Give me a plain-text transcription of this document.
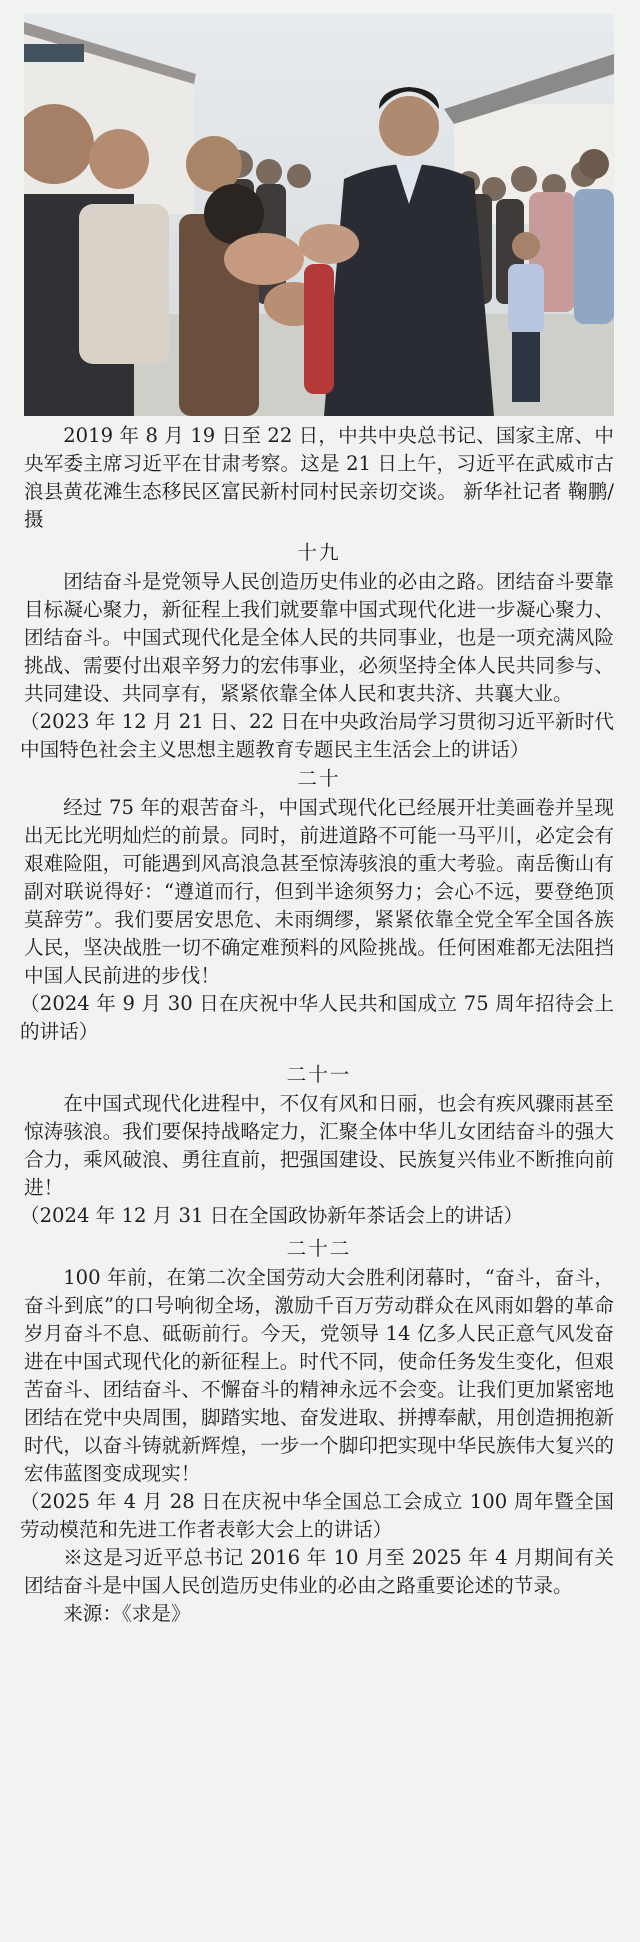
2019 年 8 月 19 日至 22 日，中共中央总书记、国家主席、中央军委主席习近平在甘肃考察。这是 21 日上午，习近平在武威市古浪县黄花滩生态移民区富民新村同村民亲切交谈。 新华社记者 鞠鹏/摄

十九

团结奋斗是党领导人民创造历史伟业的必由之路。团结奋斗要靠目标凝心聚力，新征程上我们就要靠中国式现代化进一步凝心聚力、团结奋斗。中国式现代化是全体人民的共同事业，也是一项充满风险挑战、需要付出艰辛努力的宏伟事业，必须坚持全体人民共同参与、共同建设、共同享有，紧紧依靠全体人民和衷共济、共襄大业。

（2023 年 12 月 21 日、22 日在中央政治局学习贯彻习近平新时代中国特色社会主义思想主题教育专题民主生活会上的讲话）

二十

经过 75 年的艰苦奋斗，中国式现代化已经展开壮美画卷并呈现出无比光明灿烂的前景。同时，前进道路不可能一马平川，必定会有艰难险阻，可能遇到风高浪急甚至惊涛骇浪的重大考验。南岳衡山有副对联说得好：“遵道而行，但到半途须努力；会心不远，要登绝顶莫辞劳”。我们要居安思危、未雨绸缪，紧紧依靠全党全军全国各族人民，坚决战胜一切不确定难预料的风险挑战。任何困难都无法阻挡中国人民前进的步伐！

（2024 年 9 月 30 日在庆祝中华人民共和国成立 75 周年招待会上的讲话）

二十一

在中国式现代化进程中，不仅有风和日丽，也会有疾风骤雨甚至惊涛骇浪。我们要保持战略定力，汇聚全体中华儿女团结奋斗的强大合力，乘风破浪、勇往直前，把强国建设、民族复兴伟业不断推向前进！

（2024 年 12 月 31 日在全国政协新年茶话会上的讲话）

二十二

100 年前，在第二次全国劳动大会胜利闭幕时，“奋斗，奋斗，奋斗到底”的口号响彻全场，激励千百万劳动群众在风雨如磐的革命岁月奋斗不息、砥砺前行。今天，党领导 14 亿多人民正意气风发奋进在中国式现代化的新征程上。时代不同，使命任务发生变化，但艰苦奋斗、团结奋斗、不懈奋斗的精神永远不会变。让我们更加紧密地团结在党中央周围，脚踏实地、奋发进取、拼搏奉献，用创造拥抱新时代，以奋斗铸就新辉煌，一步一个脚印把实现中华民族伟大复兴的宏伟蓝图变成现实！

（2025 年 4 月 28 日在庆祝中华全国总工会成立 100 周年暨全国劳动模范和先进工作者表彰大会上的讲话）

※这是习近平总书记 2016 年 10 月至 2025 年 4 月期间有关团结奋斗是中国人民创造历史伟业的必由之路重要论述的节录。

来源：《求是》
